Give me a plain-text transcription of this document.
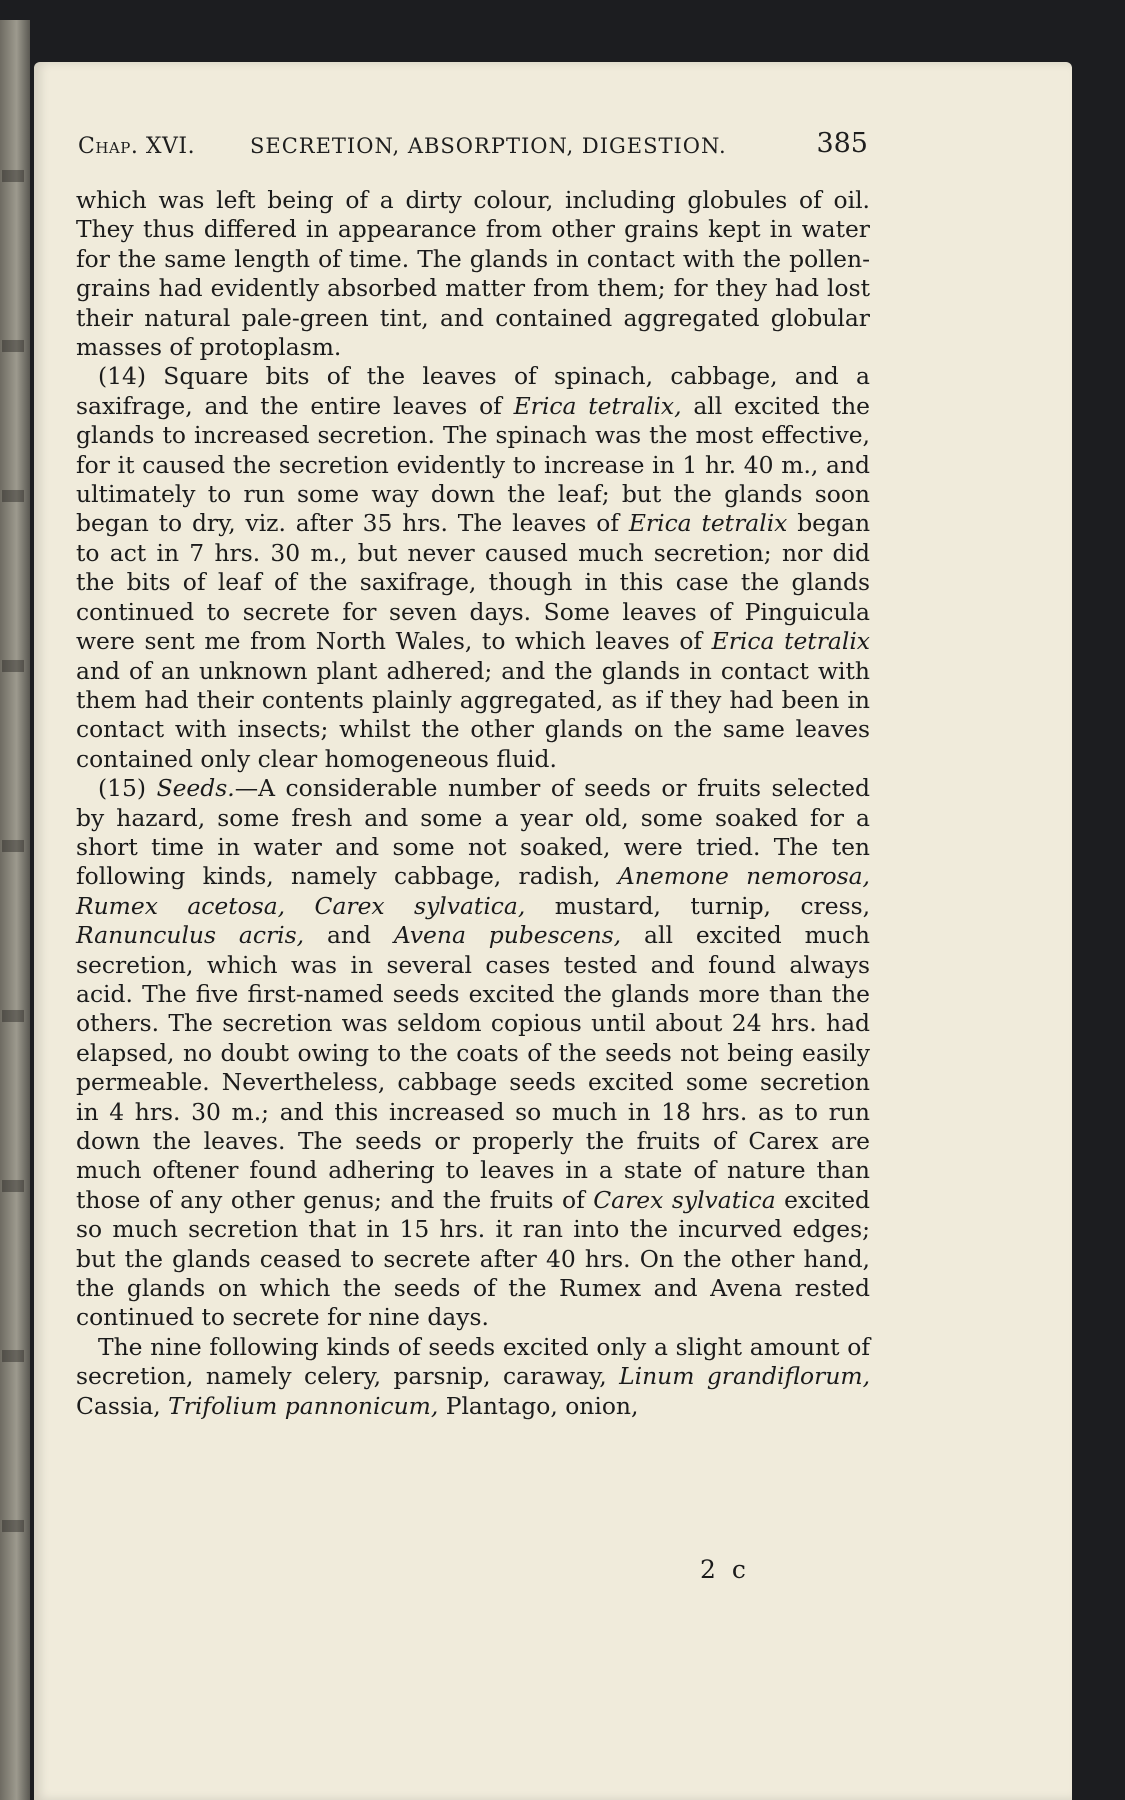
Chap. XVI.	SECRETION, ABSORPTION, DIGESTION.	385

which was left being of a dirty colour, including globules of oil. They thus differed in appearance from other grains kept in water for the same length of time. The glands in contact with the pollen-grains had evidently absorbed matter from them; for they had lost their natural pale-green tint, and contained aggregated globular masses of protoplasm.

(14) Square bits of the leaves of spinach, cabbage, and a saxifrage, and the entire leaves of Erica tetralix, all excited the glands to increased secretion. The spinach was the most effective, for it caused the secretion evidently to increase in 1 hr. 40 m., and ultimately to run some way down the leaf; but the glands soon began to dry, viz. after 35 hrs. The leaves of Erica tetralix began to act in 7 hrs. 30 m., but never caused much secretion; nor did the bits of leaf of the saxifrage, though in this case the glands continued to secrete for seven days. Some leaves of Pinguicula were sent me from North Wales, to which leaves of Erica tetralix and of an unknown plant adhered; and the glands in contact with them had their contents plainly aggregated, as if they had been in contact with insects; whilst the other glands on the same leaves contained only clear homogeneous fluid.

(15) Seeds.—A considerable number of seeds or fruits selected by hazard, some fresh and some a year old, some soaked for a short time in water and some not soaked, were tried. The ten following kinds, namely cabbage, radish, Anemone nemorosa, Rumex acetosa, Carex sylvatica, mustard, turnip, cress, Ranunculus acris, and Avena pubescens, all excited much secretion, which was in several cases tested and found always acid. The five first-named seeds excited the glands more than the others. The secretion was seldom copious until about 24 hrs. had elapsed, no doubt owing to the coats of the seeds not being easily permeable. Nevertheless, cabbage seeds excited some secretion in 4 hrs. 30 m.; and this increased so much in 18 hrs. as to run down the leaves. The seeds or properly the fruits of Carex are much oftener found adhering to leaves in a state of nature than those of any other genus; and the fruits of Carex sylvatica excited so much secretion that in 15 hrs. it ran into the incurved edges; but the glands ceased to secrete after 40 hrs. On the other hand, the glands on which the seeds of the Rumex and Avena rested continued to secrete for nine days.

The nine following kinds of seeds excited only a slight amount of secretion, namely celery, parsnip, caraway, Linum grandiflorum, Cassia, Trifolium pannonicum, Plantago, onion,

2 c
